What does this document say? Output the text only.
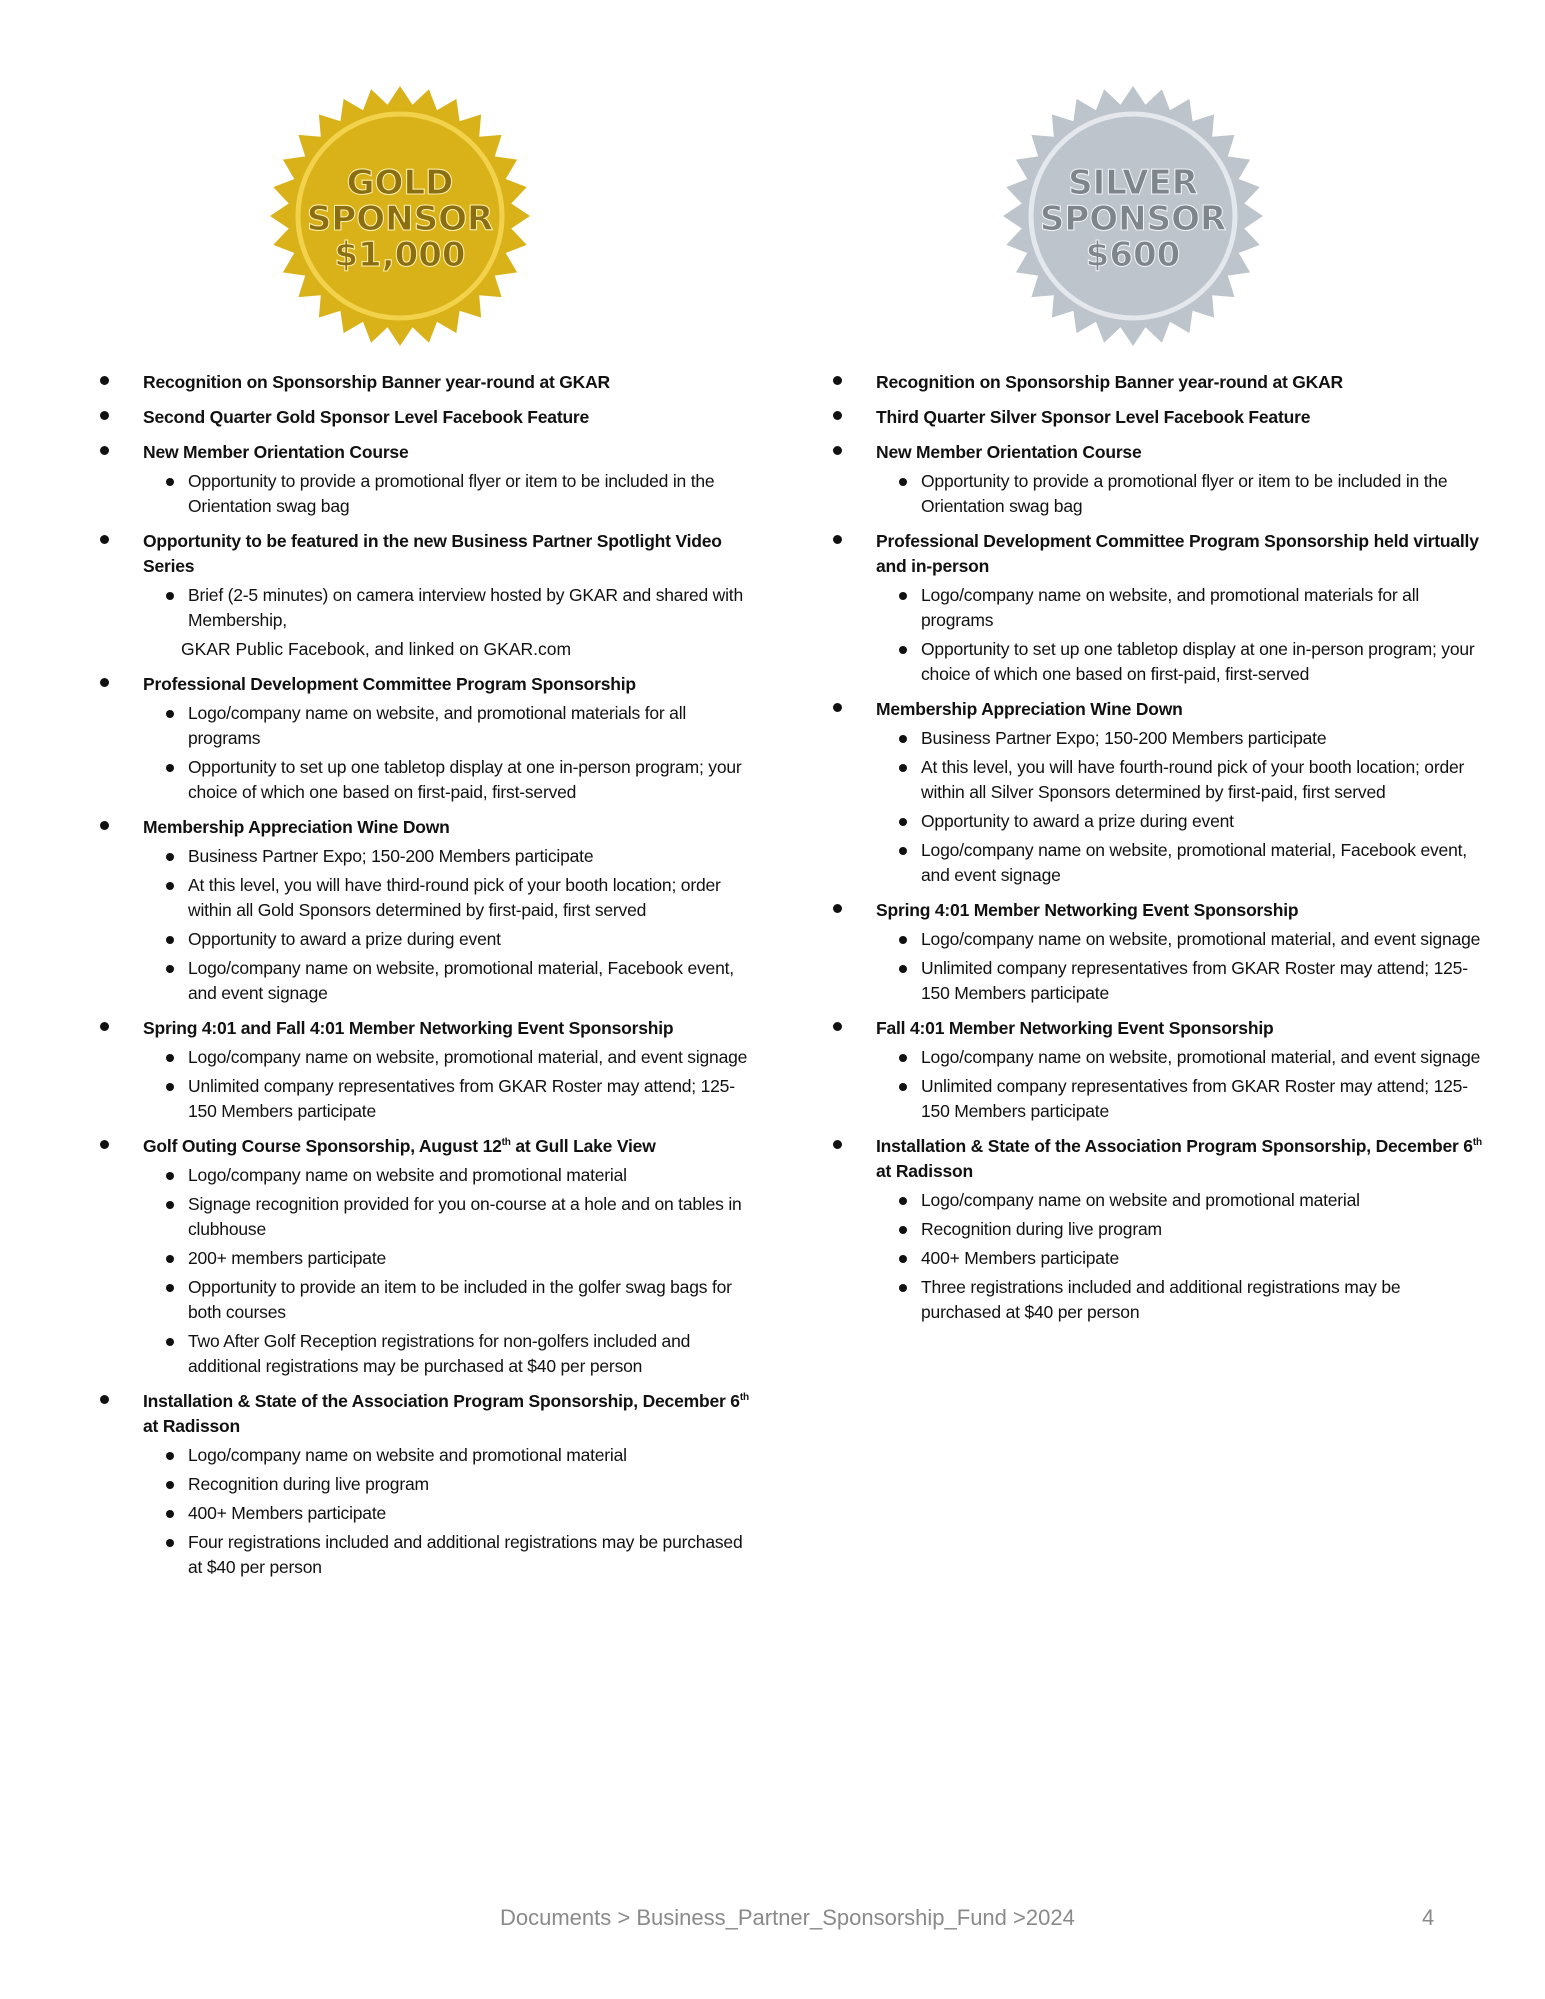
GOLD
SPONSOR
$1,000
Recognition on Sponsorship Banner year-round at GKAR
Second Quarter Gold Sponsor Level Facebook Feature
New Member Orientation Course
Opportunity to provide a promotional flyer or item to be included in the Orientation swag bag
Opportunity to be featured in the new Business Partner Spotlight Video Series
Brief (2-5 minutes) on camera interview hosted by GKAR and shared with Membership,
GKAR Public Facebook, and linked on GKAR.com
Professional Development Committee Program Sponsorship
Logo/company name on website, and promotional materials for all programs
Opportunity to set up one tabletop display at one in-person program; your choice of which one based on first-paid, first-served
Membership Appreciation Wine Down
Business Partner Expo; 150-200 Members participate
At this level, you will have third-round pick of your booth location; order within all Gold Sponsors determined by first-paid, first served
Opportunity to award a prize during event
Logo/company name on website, promotional material, Facebook event, and event signage
Spring 4:01 and Fall 4:01 Member Networking Event Sponsorship
Logo/company name on website, promotional material, and event signage
Unlimited company representatives from GKAR Roster may attend; 125-150 Members participate
Golf Outing Course Sponsorship, August 12th at Gull Lake View
Logo/company name on website and promotional material
Signage recognition provided for you on-course at a hole and on tables in clubhouse
200+ members participate
Opportunity to provide an item to be included in the golfer swag bags for both courses
Two After Golf Reception registrations for non-golfers included and additional registrations may be purchased at $40 per person
Installation & State of the Association Program Sponsorship, December 6th at Radisson
Logo/company name on website and promotional material
Recognition during live program
400+ Members participate
Four registrations included and additional registrations may be purchased at $40 per person
SILVER
SPONSOR
$600
Recognition on Sponsorship Banner year-round at GKAR
Third Quarter Silver Sponsor Level Facebook Feature
New Member Orientation Course
Opportunity to provide a promotional flyer or item to be included in the Orientation swag bag
Professional Development Committee Program Sponsorship held virtually and in-person
Logo/company name on website, and promotional materials for all programs
Opportunity to set up one tabletop display at one in-person program; your choice of which one based on first-paid, first-served
Membership Appreciation Wine Down
Business Partner Expo; 150-200 Members participate
At this level, you will have fourth-round pick of your booth location; order within all Silver Sponsors determined by first-paid, first served
Opportunity to award a prize during event
Logo/company name on website, promotional material, Facebook event, and event signage
Spring 4:01 Member Networking Event Sponsorship
Logo/company name on website, promotional material, and event signage
Unlimited company representatives from GKAR Roster may attend; 125-150 Members participate
Fall 4:01 Member Networking Event Sponsorship
Logo/company name on website, promotional material, and event signage
Unlimited company representatives from GKAR Roster may attend; 125-150 Members participate
Installation & State of the Association Program Sponsorship, December 6th at Radisson
Logo/company name on website and promotional material
Recognition during live program
400+ Members participate
Three registrations included and additional registrations may be purchased at $40 per person
Documents > Business_Partner_Sponsorship_Fund >2024	4
